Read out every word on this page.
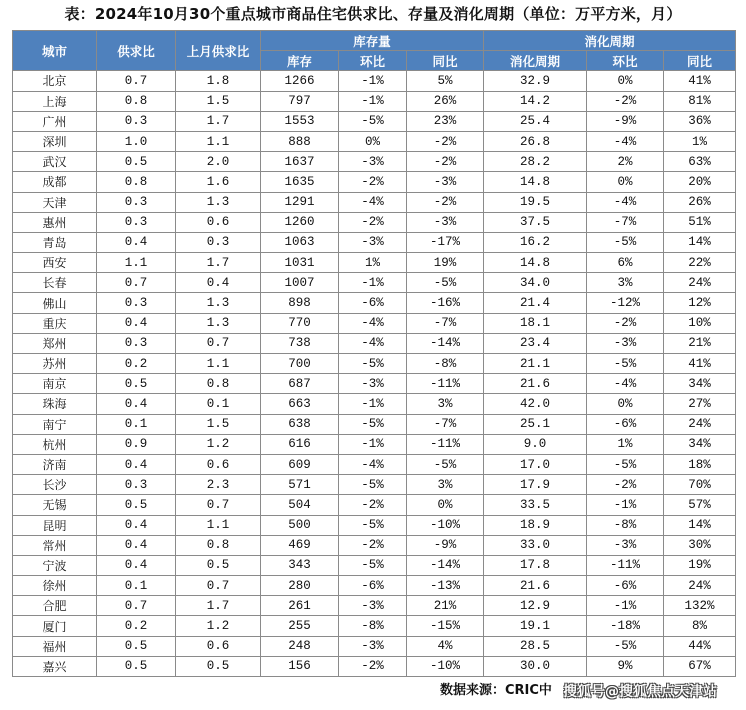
表：2024年10月30个重点城市商品住宅供求比、存量及消化周期（单位：万平方米，月）
城市	供求比	上月供求比	库存量			消化周期		
			库存	环比	同比	消化周期	环比	同比
北京	0.7	1.8	1266	-1%	5%	32.9	0%	41%
上海	0.8	1.5	797	-1%	26%	14.2	-2%	81%
广州	0.3	1.7	1553	-5%	23%	25.4	-9%	36%
深圳	1.0	1.1	888	0%	-2%	26.8	-4%	1%
武汉	0.5	2.0	1637	-3%	-2%	28.2	2%	63%
成都	0.8	1.6	1635	-2%	-3%	14.8	0%	20%
天津	0.3	1.3	1291	-4%	-2%	19.5	-4%	26%
惠州	0.3	0.6	1260	-2%	-3%	37.5	-7%	51%
青岛	0.4	0.3	1063	-3%	-17%	16.2	-5%	14%
西安	1.1	1.7	1031	1%	19%	14.8	6%	22%
长春	0.7	0.4	1007	-1%	-5%	34.0	3%	24%
佛山	0.3	1.3	898	-6%	-16%	21.4	-12%	12%
重庆	0.4	1.3	770	-4%	-7%	18.1	-2%	10%
郑州	0.3	0.7	738	-4%	-14%	23.4	-3%	21%
苏州	0.2	1.1	700	-5%	-8%	21.1	-5%	41%
南京	0.5	0.8	687	-3%	-11%	21.6	-4%	34%
珠海	0.4	0.1	663	-1%	3%	42.0	0%	27%
南宁	0.1	1.5	638	-5%	-7%	25.1	-6%	24%
杭州	0.9	1.2	616	-1%	-11%	9.0	1%	34%
济南	0.4	0.6	609	-4%	-5%	17.0	-5%	18%
长沙	0.3	2.3	571	-5%	3%	17.9	-2%	70%
无锡	0.5	0.7	504	-2%	0%	33.5	-1%	57%
昆明	0.4	1.1	500	-5%	-10%	18.9	-8%	14%
常州	0.4	0.8	469	-2%	-9%	33.0	-3%	30%
宁波	0.4	0.5	343	-5%	-14%	17.8	-11%	19%
徐州	0.1	0.7	280	-6%	-13%	21.6	-6%	24%
合肥	0.7	1.7	261	-3%	21%	12.9	-1%	132%
厦门	0.2	1.2	255	-8%	-15%	19.1	-18%	8%
福州	0.5	0.6	248	-3%	4%	28.5	-5%	44%
嘉兴	0.5	0.5	156	-2%	-10%	30.0	9%	67%
数据来源：CRIC中 搜狐号@搜狐焦点天津站
